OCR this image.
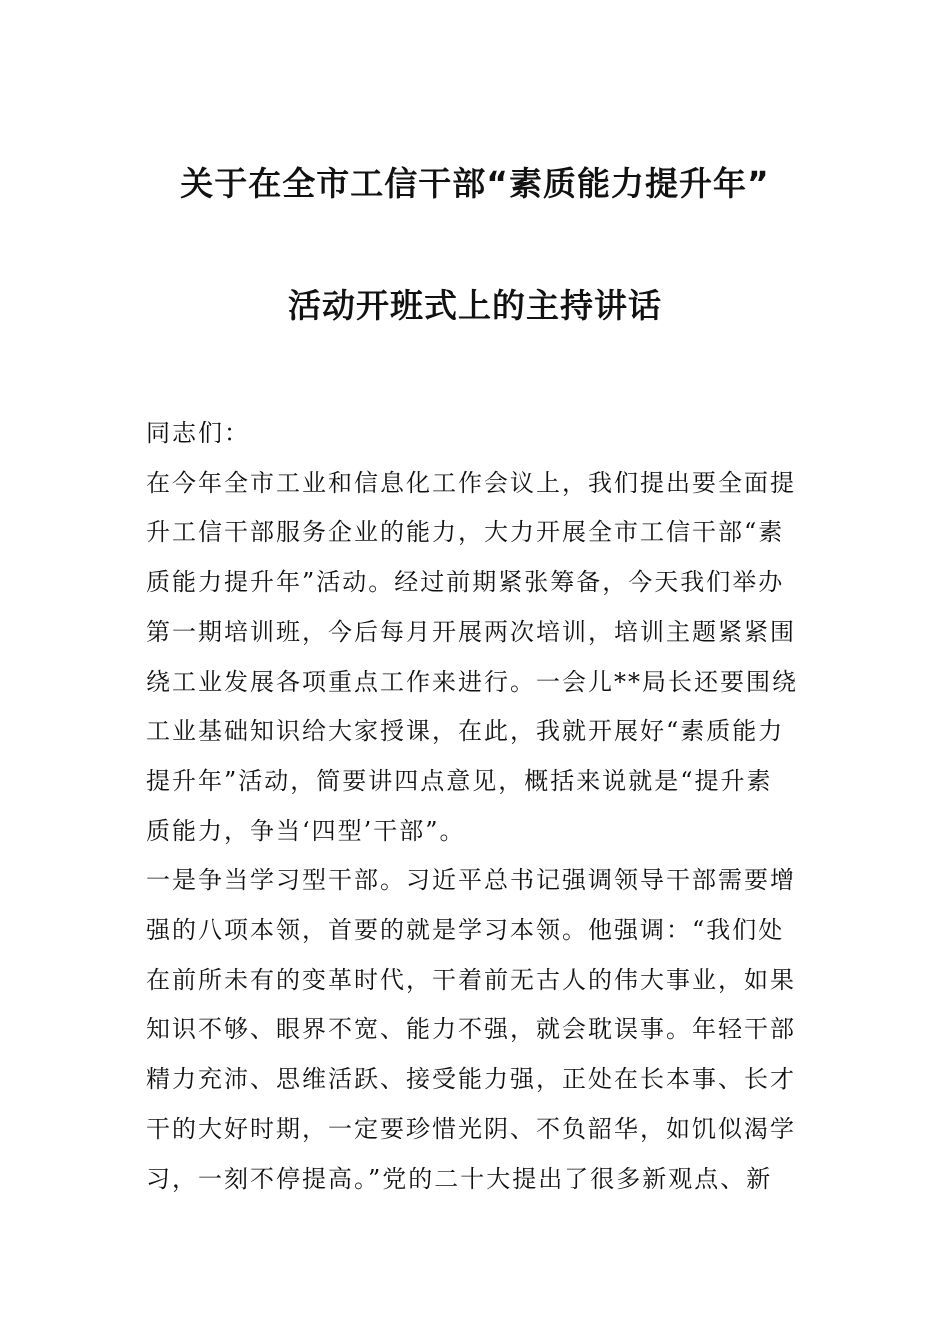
关于在全市工信干部“素质能力提升年”
活动开班式上的主持讲话

同志们：

在今年全市工业和信息化工作会议上，我们提出要全面提

升工信干部服务企业的能力，大力开展全市工信干部“素

质能力提升年”活动。经过前期紧张筹备，今天我们举办

第一期培训班，今后每月开展两次培训，培训主题紧紧围

绕工业发展各项重点工作来进行。一会儿**局长还要围绕

工业基础知识给大家授课，在此，我就开展好“素质能力

提升年”活动，简要讲四点意见，概括来说就是“提升素

质能力，争当‘四型’干部”。

一是争当学习型干部。习近平总书记强调领导干部需要增

强的八项本领，首要的就是学习本领。他强调：“我们处

在前所未有的变革时代，干着前无古人的伟大事业，如果

知识不够、眼界不宽、能力不强，就会耽误事。年轻干部

精力充沛、思维活跃、接受能力强，正处在长本事、长才

干的大好时期，一定要珍惜光阴、不负韶华，如饥似渴学

习，一刻不停提高。”党的二十大提出了很多新观点、新
